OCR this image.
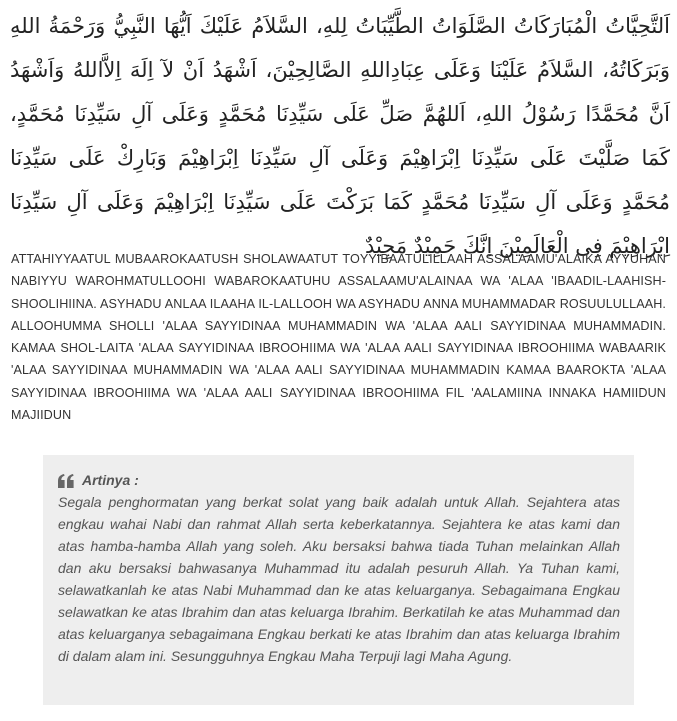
اَلتَّحِيَّاتُ الْمُبَارَكَاتُ الصَّلَوَاتُ الطَّيِّبَاتُ لِلهِ، السَّلاَمُ عَلَيْكَ اَيُّهَا النَّبِيُّ وَرَحْمَةُ اللهِ وَبَرَكَاتُهُ، السَّلاَمُ عَلَيْنَا وَعَلَى عِبَادِاللهِ الصَّالِحِيْنَ، اَشْهَدُ اَنْ لآ اِلَهَ اِلاَّاللهُ وَاَشْهَدُ اَنَّ مُحَمَّدًا رَسُوْلُ اللهِ، اَللهُمَّ صَلِّ عَلَى سَيِّدِنَا مُحَمَّدٍ وَعَلَى آلِ سَيِّدِنَا مُحَمَّدٍ، كَمَا صَلَّيْتَ عَلَى سَيِّدِنَا اِبْرَاهِيْمَ وَعَلَى آلِ سَيِّدِنَا اِبْرَاهِيْمَ وَبَارِكْ عَلَى سَيِّدِنَا مُحَمَّدٍ وَعَلَى آلِ سَيِّدِنَا مُحَمَّدٍ كَمَا بَرَكْتَ عَلَى سَيِّدِنَا اِبْرَاهِيْمَ وَعَلَى آلِ سَيِّدِنَا اِبْرَاهِيْمَ فِى الْعَالَمِيْنَ اِنَّكَ حَمِيْدٌ مَجِيْدٌ
ATTAHIYYAATUL MUBAAROKAATUSH SHOLAWAATUT TOYYIBAATULILLAAH ASSALAAMU'ALAIKA AYYUHAN NABIYYU WAROHMATULLOOHI WABAROKAATUHU ASSALAAMU'ALAINAA WA 'ALAA 'IBAADIL-LAAHISH-SHOOLIHIINA. ASYHADU ANLAA ILAAHA IL-LALLOOH WA ASYHADU ANNA MUHAMMADAR ROSUULULLAAH. ALLOOHUMMA SHOLLI 'ALAA SAYYIDINAA MUHAMMADIN WA 'ALAA AALI SAYYIDINAA MUHAMMADIN. KAMAA SHOL-LAITA 'ALAA SAYYIDINAA IBROOHIIMA WA 'ALAA AALI SAYYIDINAA IBROOHIIMA WABAARIK 'ALAA SAYYIDINAA MUHAMMADIN WA 'ALAA AALI SAYYIDINAA MUHAMMADIN KAMAA BAAROKTA 'ALAA SAYYIDINAA IBROOHIIMA WA 'ALAA AALI SAYYIDINAA IBROOHIIMA FIL 'AALAMIINA INNAKA HAMIIDUN MAJIIDUN
Artinya :
Segala penghormatan yang berkat solat yang baik adalah untuk Allah. Sejahtera atas engkau wahai Nabi dan rahmat Allah serta keberkatannya. Sejahtera ke atas kami dan atas hamba-hamba Allah yang soleh. Aku bersaksi bahwa tiada Tuhan melainkan Allah dan aku bersaksi bahwasanya Muhammad itu adalah pesuruh Allah. Ya Tuhan kami, selawatkanlah ke atas Nabi Muhammad dan ke atas keluarganya. Sebagaimana Engkau selawatkan ke atas Ibrahim dan atas keluarga Ibrahim. Berkatilah ke atas Muhammad dan atas keluarganya sebagaimana Engkau berkati ke atas Ibrahim dan atas keluarga Ibrahim di dalam alam ini. Sesungguhnya Engkau Maha Terpuji lagi Maha Agung.
